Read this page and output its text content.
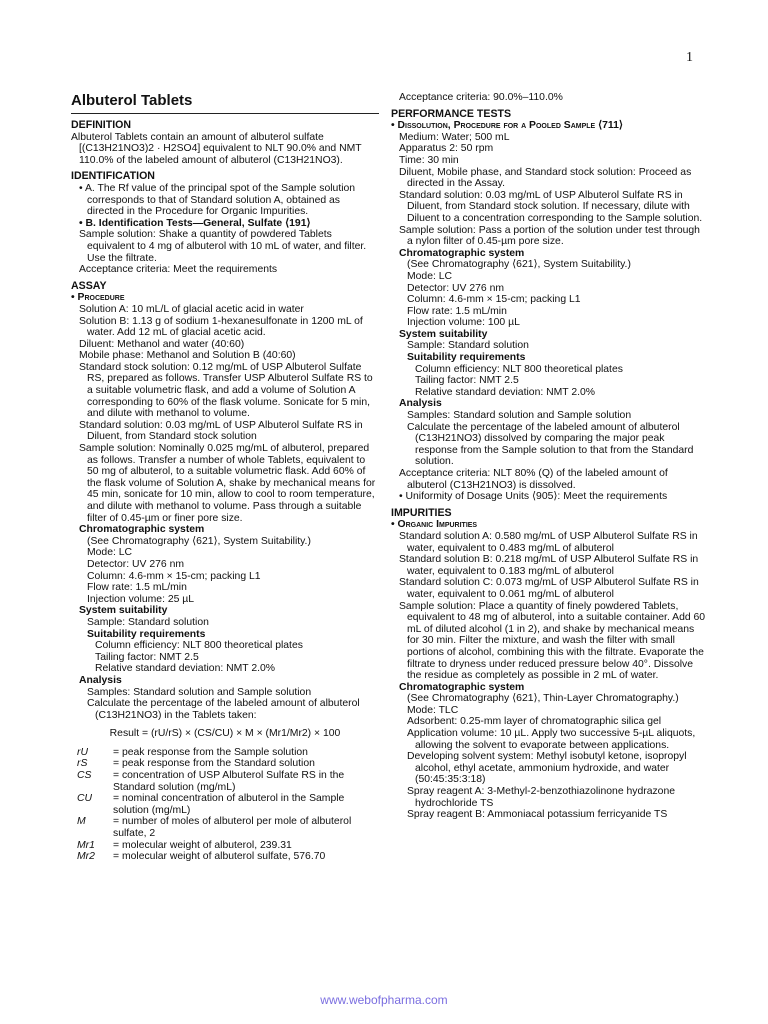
1
Albuterol Tablets
DEFINITION

Albuterol Tablets contain an amount of albuterol sulfate [(C13H21NO3)2 · H2SO4] equivalent to NLT 90.0% and NMT 110.0% of the labeled amount of albuterol (C13H21NO3).

IDENTIFICATION

• A. The Rf value of the principal spot of the Sample solution corresponds to that of Standard solution A, obtained as directed in the Procedure for Organic Impurities.

• B. Identification Tests—General, Sulfate ⟨191⟩

Sample solution: Shake a quantity of powdered Tablets equivalent to 4 mg of albuterol with 10 mL of water, and filter. Use the filtrate.

Acceptance criteria: Meet the requirements

ASSAY

• Procedure

Solution A: 10 mL/L of glacial acetic acid in water

Solution B: 1.13 g of sodium 1-hexanesulfonate in 1200 mL of water. Add 12 mL of glacial acetic acid.

Diluent: Methanol and water (40:60)

Mobile phase: Methanol and Solution B (40:60)

Standard stock solution: 0.12 mg/mL of USP Albuterol Sulfate RS, prepared as follows. Transfer USP Albuterol Sulfate RS to a suitable volumetric flask, and add a volume of Solution A corresponding to 60% of the flask volume. Sonicate for 5 min, and dilute with methanol to volume.

Standard solution: 0.03 mg/mL of USP Albuterol Sulfate RS in Diluent, from Standard stock solution

Sample solution: Nominally 0.025 mg/mL of albuterol, prepared as follows. Transfer a number of whole Tablets, equivalent to 50 mg of albuterol, to a suitable volumetric flask. Add 60% of the flask volume of Solution A, shake by mechanical means for 45 min, sonicate for 10 min, allow to cool to room temperature, and dilute with methanol to volume. Pass through a suitable filter of 0.45-µm or finer pore size.

Chromatographic system

(See Chromatography ⟨621⟩, System Suitability.)

Mode: LC

Detector: UV 276 nm

Column: 4.6-mm × 15-cm; packing L1

Flow rate: 1.5 mL/min

Injection volume: 25 µL

System suitability

Sample: Standard solution

Suitability requirements

Column efficiency: NLT 800 theoretical plates

Tailing factor: NMT 2.5

Relative standard deviation: NMT 2.0%

Analysis

Samples: Standard solution and Sample solution

Calculate the percentage of the labeled amount of albuterol (C13H21NO3) in the Tablets taken:

Result = (rU/rS) × (CS/CU) × M × (Mr1/Mr2) × 100

rU	= peak response from the Sample solution
rS	= peak response from the Standard solution
CS	= concentration of USP Albuterol Sulfate RS in the Standard solution (mg/mL)
CU	= nominal concentration of albuterol in the Sample solution (mg/mL)
M	= number of moles of albuterol per mole of albuterol sulfate, 2
Mr1	= molecular weight of albuterol, 239.31
Mr2	= molecular weight of albuterol sulfate, 576.70

Acceptance criteria: 90.0%–110.0%

PERFORMANCE TESTS

• Dissolution, Procedure for a Pooled Sample ⟨711⟩

Medium: Water; 500 mL

Apparatus 2: 50 rpm

Time: 30 min

Diluent, Mobile phase, and Standard stock solution: Proceed as directed in the Assay.

Standard solution: 0.03 mg/mL of USP Albuterol Sulfate RS in Diluent, from Standard stock solution. If necessary, dilute with Diluent to a concentration corresponding to the Sample solution.

Sample solution: Pass a portion of the solution under test through a nylon filter of 0.45-µm pore size.

Chromatographic system

(See Chromatography ⟨621⟩, System Suitability.)

Mode: LC

Detector: UV 276 nm

Column: 4.6-mm × 15-cm; packing L1

Flow rate: 1.5 mL/min

Injection volume: 100 µL

System suitability

Sample: Standard solution

Suitability requirements

Column efficiency: NLT 800 theoretical plates

Tailing factor: NMT 2.5

Relative standard deviation: NMT 2.0%

Analysis

Samples: Standard solution and Sample solution

Calculate the percentage of the labeled amount of albuterol (C13H21NO3) dissolved by comparing the major peak response from the Sample solution to that from the Standard solution.

Acceptance criteria: NLT 80% (Q) of the labeled amount of albuterol (C13H21NO3) is dissolved.

• Uniformity of Dosage Units ⟨905⟩: Meet the requirements

IMPURITIES

• Organic Impurities

Standard solution A: 0.580 mg/mL of USP Albuterol Sulfate RS in water, equivalent to 0.483 mg/mL of albuterol

Standard solution B: 0.218 mg/mL of USP Albuterol Sulfate RS in water, equivalent to 0.183 mg/mL of albuterol

Standard solution C: 0.073 mg/mL of USP Albuterol Sulfate RS in water, equivalent to 0.061 mg/mL of albuterol

Sample solution: Place a quantity of finely powdered Tablets, equivalent to 48 mg of albuterol, into a suitable container. Add 60 mL of diluted alcohol (1 in 2), and shake by mechanical means for 30 min. Filter the mixture, and wash the filter with small portions of alcohol, combining this with the filtrate. Evaporate the filtrate to dryness under reduced pressure below 40°. Dissolve the residue as completely as possible in 2 mL of water.

Chromatographic system

(See Chromatography ⟨621⟩, Thin-Layer Chromatography.)

Mode: TLC

Adsorbent: 0.25-mm layer of chromatographic silica gel

Application volume: 10 µL. Apply two successive 5-µL aliquots, allowing the solvent to evaporate between applications.

Developing solvent system: Methyl isobutyl ketone, isopropyl alcohol, ethyl acetate, ammonium hydroxide, and water (50:45:35:3:18)

Spray reagent A: 3-Methyl-2-benzothiazolinone hydrazone hydrochloride TS

Spray reagent B: Ammoniacal potassium ferricyanide TS

www.webofpharma.com
